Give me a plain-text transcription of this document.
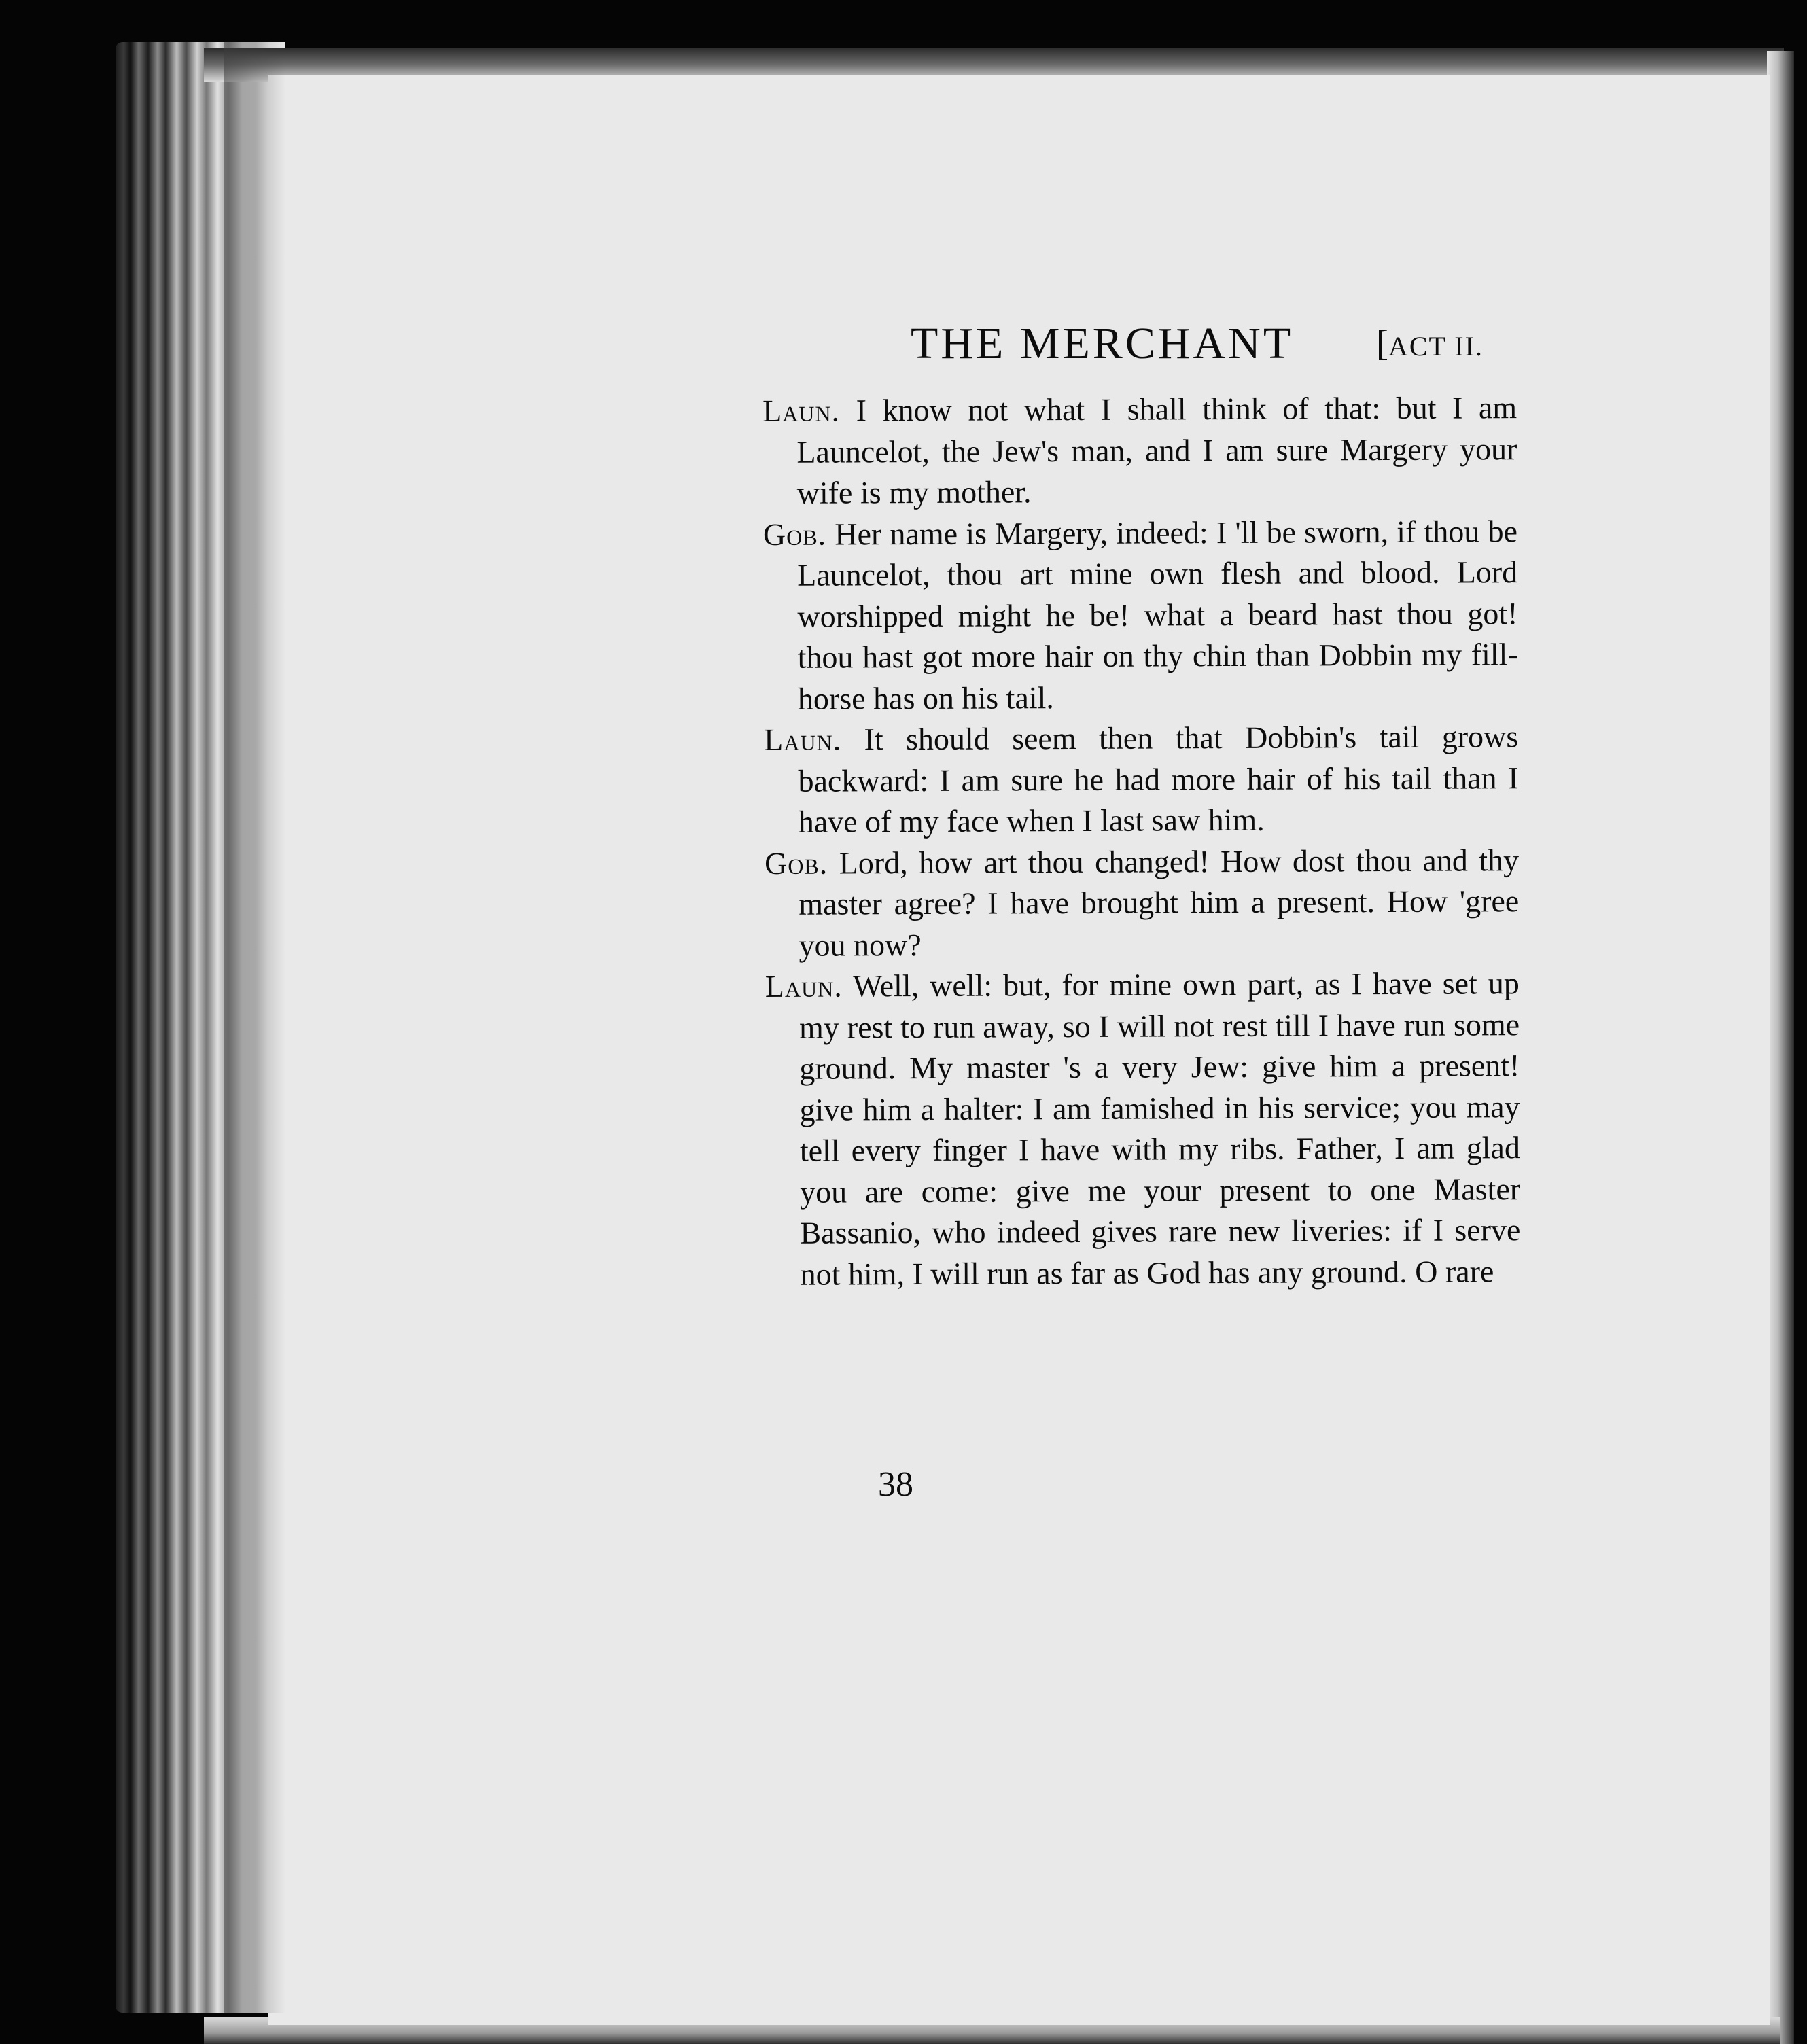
THE MERCHANT [ACT II.

Laun. I know not what I shall think of that: but I am Launcelot, the Jew's man, and I am sure Margery your wife is my mother.

Gob. Her name is Margery, indeed: I 'll be sworn, if thou be Launcelot, thou art mine own flesh and blood. Lord worshipped might he be! what a beard hast thou got! thou hast got more hair on thy chin than Dobbin my fill-horse has on his tail.

Laun. It should seem then that Dobbin's tail grows backward: I am sure he had more hair of his tail than I have of my face when I last saw him.

Gob. Lord, how art thou changed! How dost thou and thy master agree? I have brought him a present. How 'gree you now?

Laun. Well, well: but, for mine own part, as I have set up my rest to run away, so I will not rest till I have run some ground. My master 's a very Jew: give him a present! give him a halter: I am famished in his service; you may tell every finger I have with my ribs. Father, I am glad you are come: give me your present to one Master Bassanio, who indeed gives rare new liveries: if I serve not him, I will run as far as God has any ground. O rare

38
